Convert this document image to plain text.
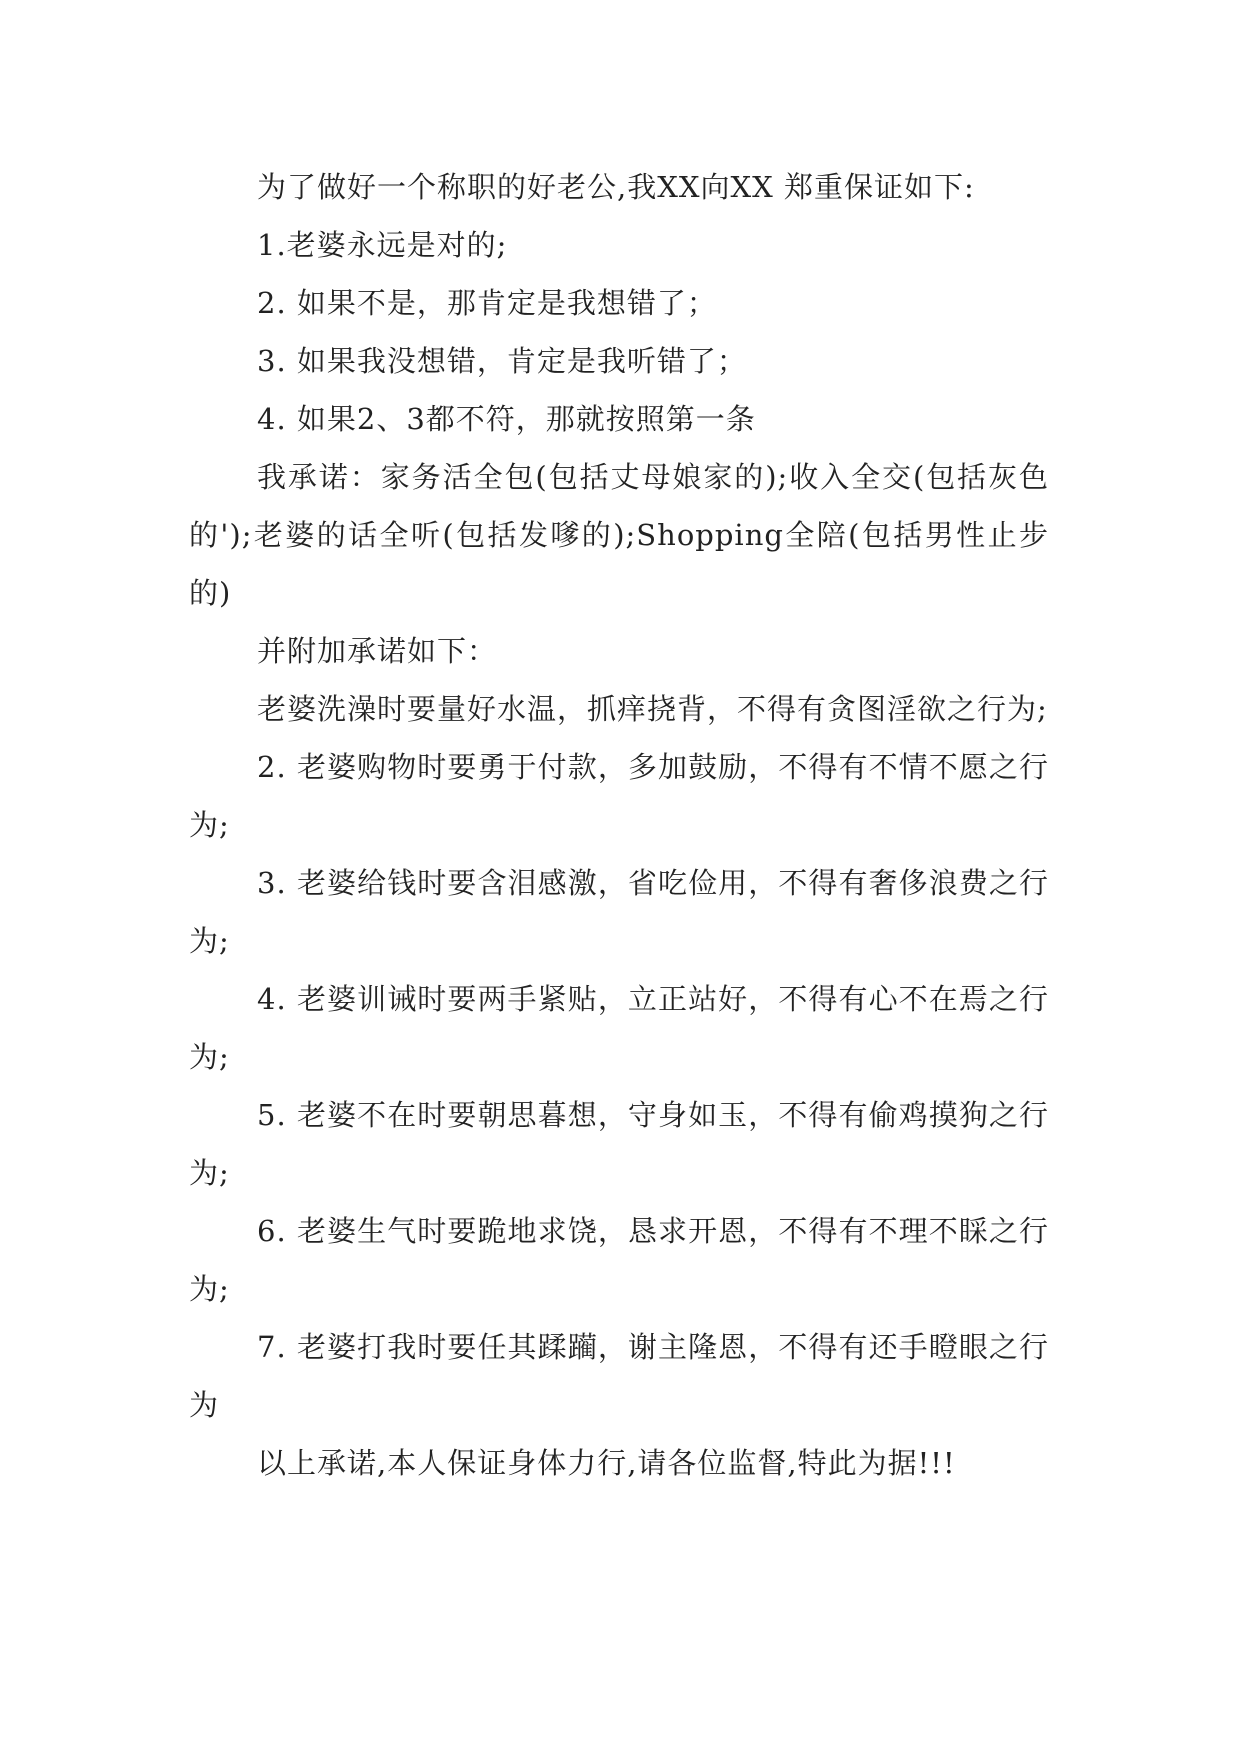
为了做好一个称职的好老公,我XX向XX 郑重保证如下:

1.老婆永远是对的;

2. 如果不是，那肯定是我想错了；

3. 如果我没想错，肯定是我听错了；

4. 如果2、3都不符，那就按照第一条

我承诺：家务活全包(包括丈母娘家的);收入全交(包括灰色的');老婆的话全听(包括发嗲的);Shopping全陪(包括男性止步的)

并附加承诺如下：

老婆洗澡时要量好水温，抓痒挠背，不得有贪图淫欲之行为;

2. 老婆购物时要勇于付款，多加鼓励，不得有不情不愿之行为;

3. 老婆给钱时要含泪感激，省吃俭用，不得有奢侈浪费之行为;

4. 老婆训诫时要两手紧贴，立正站好，不得有心不在焉之行为;

5. 老婆不在时要朝思暮想，守身如玉，不得有偷鸡摸狗之行为;

6. 老婆生气时要跪地求饶，恳求开恩，不得有不理不睬之行为;

7. 老婆打我时要任其蹂躏，谢主隆恩，不得有还手瞪眼之行为

以上承诺,本人保证身体力行,请各位监督,特此为据!!!
